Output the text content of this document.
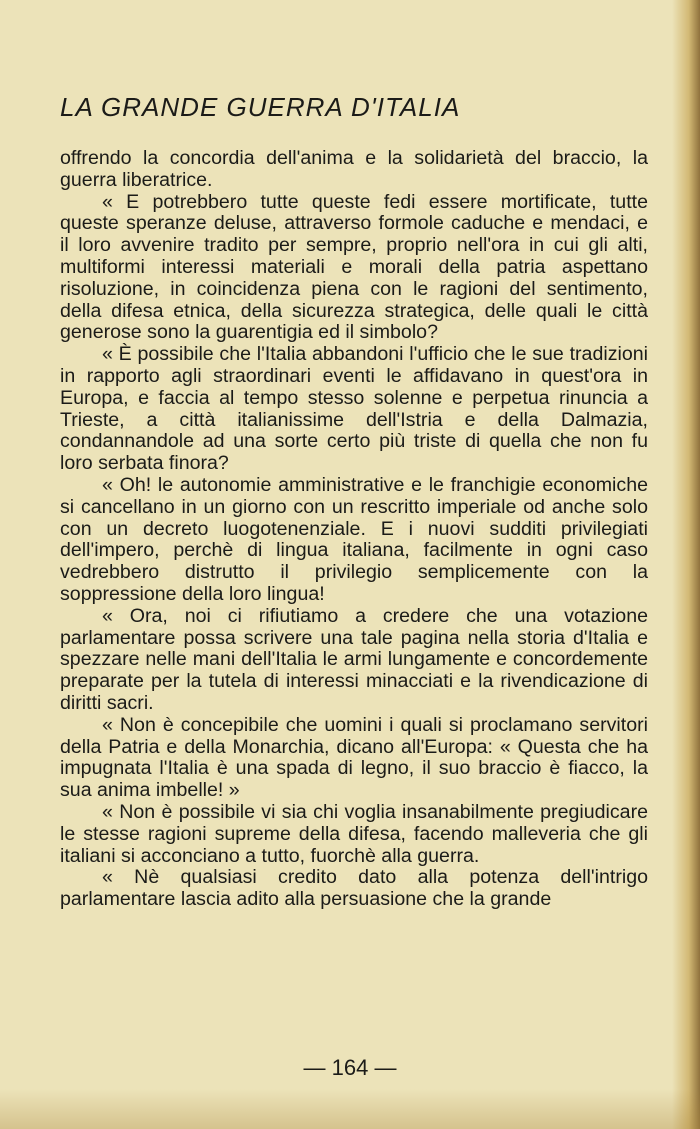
LA GRANDE GUERRA D'ITALIA

offrendo la concordia dell'anima e la solidarietà del braccio, la guerra liberatrice.

« E potrebbero tutte queste fedi essere mortificate, tutte queste speranze deluse, attraverso formole caduche e mendaci, e il loro avvenire tradito per sempre, proprio nell'ora in cui gli alti, multiformi interessi materiali e morali della patria aspettano risoluzione, in coincidenza piena con le ragioni del sentimento, della difesa etnica, della sicurezza strategica, delle quali le città generose sono la guarentigia ed il simbolo?

« È possibile che l'Italia abbandoni l'ufficio che le sue tradizioni in rapporto agli straordinari eventi le affidavano in quest'ora in Europa, e faccia al tempo stesso solenne e perpetua rinuncia a Trieste, a città italianissime dell'Istria e della Dalmazia, condannandole ad una sorte certo più triste di quella che non fu loro serbata finora?

« Oh! le autonomie amministrative e le franchigie economiche si cancellano in un giorno con un rescritto imperiale od anche solo con un decreto luogotenenziale. E i nuovi sudditi privilegiati dell'impero, perchè di lingua italiana, facilmente in ogni caso vedrebbero distrutto il privilegio semplicemente con la soppressione della loro lingua!

« Ora, noi ci rifiutiamo a credere che una votazione parlamentare possa scrivere una tale pagina nella storia d'Italia e spezzare nelle mani dell'Italia le armi lungamente e concordemente preparate per la tutela di interessi minacciati e la rivendicazione di diritti sacri.

« Non è concepibile che uomini i quali si proclamano servitori della Patria e della Monarchia, dicano all'Europa: « Questa che ha impugnata l'Italia è una spada di legno, il suo braccio è fiacco, la sua anima imbelle! »

« Non è possibile vi sia chi voglia insanabilmente pregiudicare le stesse ragioni supreme della difesa, facendo malleveria che gli italiani si acconciano a tutto, fuorchè alla guerra.

« Nè qualsiasi credito dato alla potenza dell'intrigo parlamentare lascia adito alla persuasione che la grande

— 164 —
